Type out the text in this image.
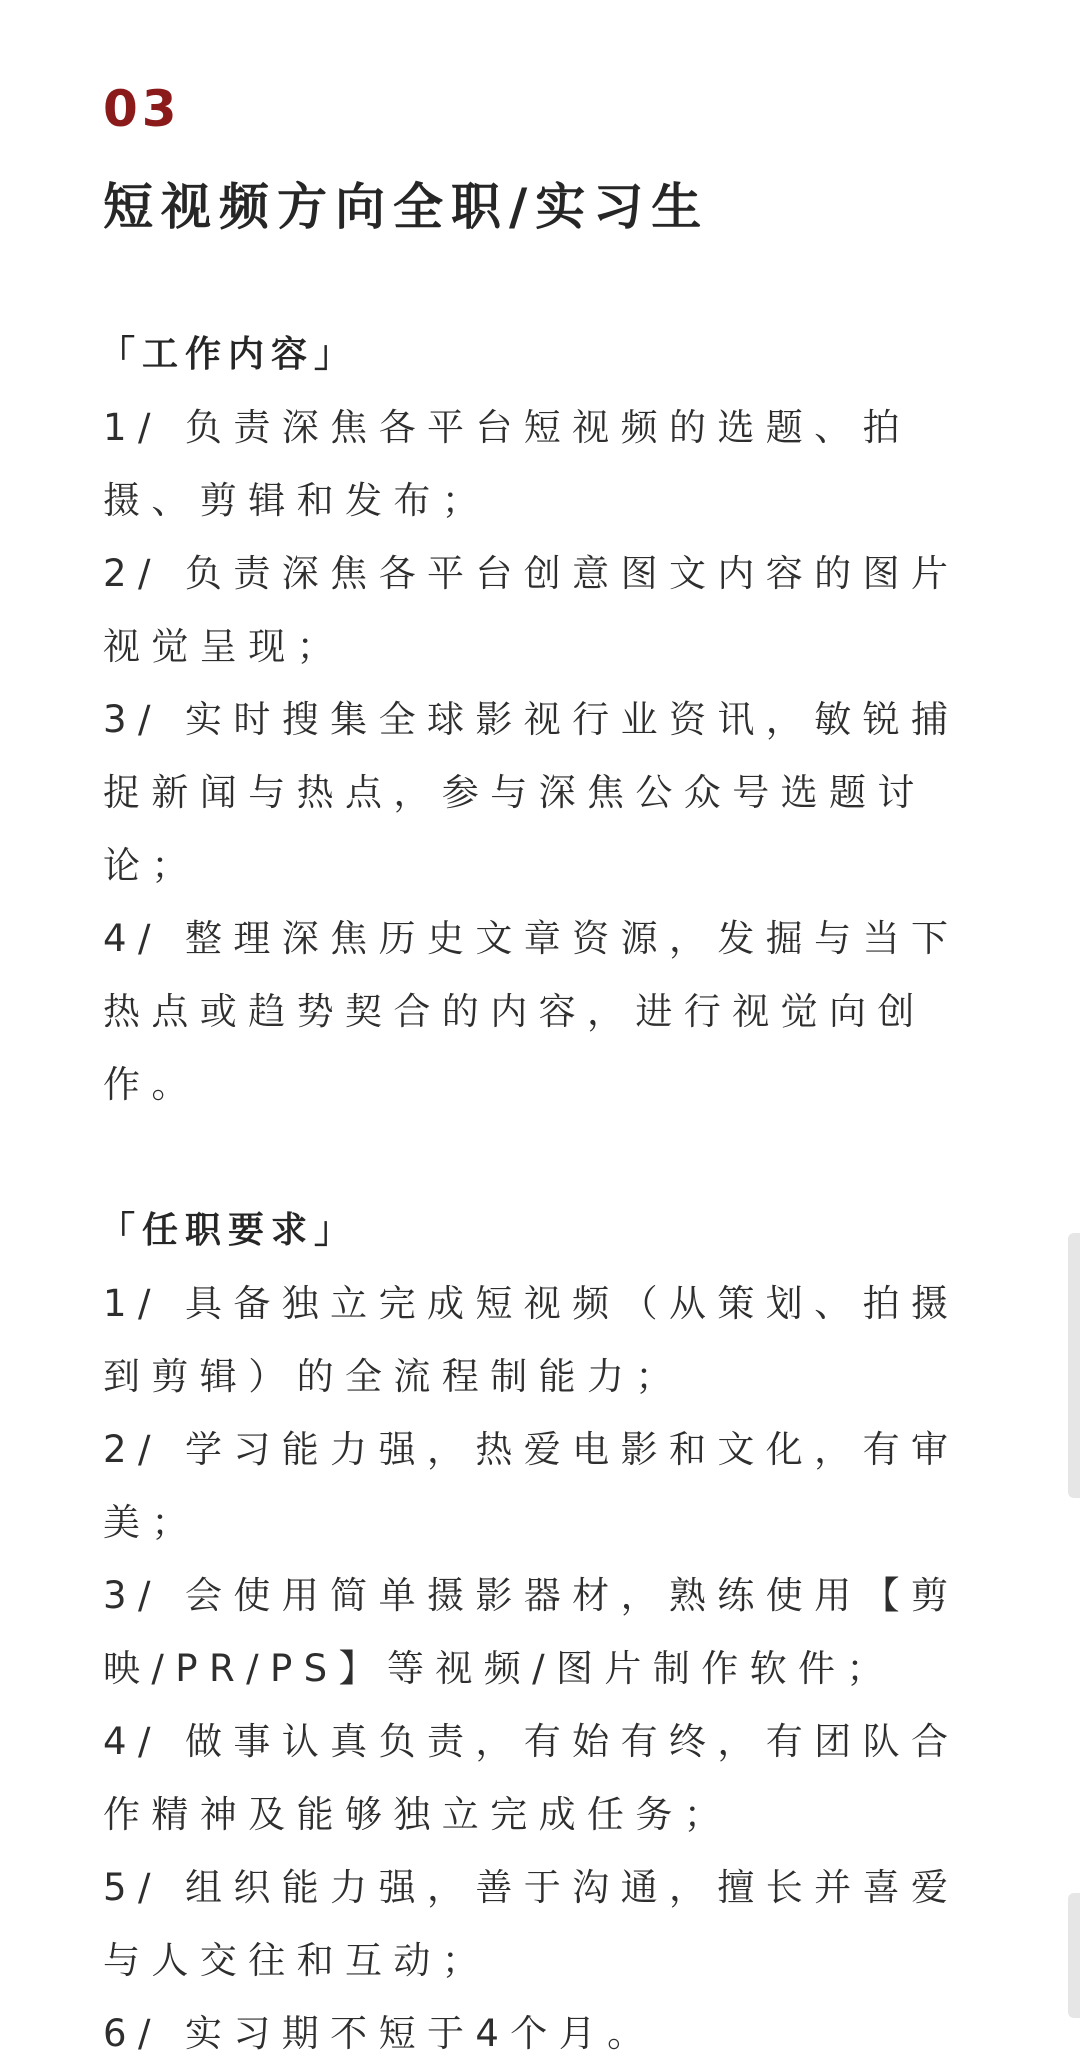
03
短视频方向全职/实习生
「工作内容」

1/ 负责深焦各平台短视频的选题、拍摄、剪辑和发布；

2/ 负责深焦各平台创意图文内容的图片视觉呈现；

3/ 实时搜集全球影视行业资讯，敏锐捕捉新闻与热点，参与深焦公众号选题讨论；

4/ 整理深焦历史文章资源，发掘与当下热点或趋势契合的内容，进行视觉向创作。

「任职要求」

1/ 具备独立完成短视频（从策划、拍摄到剪辑）的全流程制能力；

2/ 学习能力强，热爱电影和文化，有审美；

3/ 会使用简单摄影器材，熟练使用【剪映/PR/PS】等视频/图片制作软件；

4/ 做事认真负责，有始有终，有团队合作精神及能够独立完成任务；

5/ 组织能力强，善于沟通，擅长并喜爱与人交往和互动；

6/ 实习期不短于4个月。
